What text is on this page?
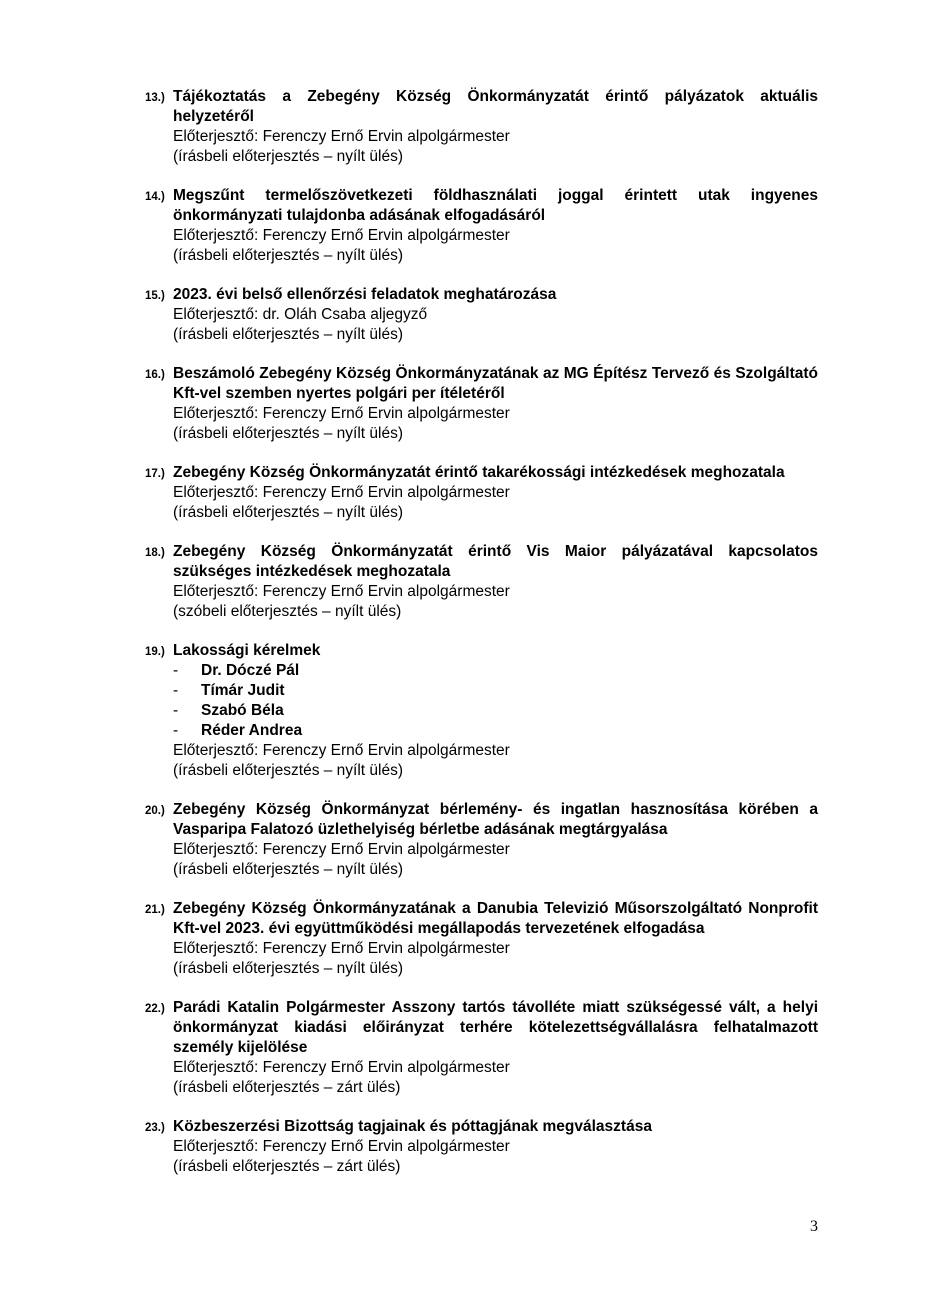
13.) Tájékoztatás a Zebegény Község Önkormányzatát érintő pályázatok aktuális helyzetéről
Előterjesztő: Ferenczy Ernő Ervin alpolgármester
(írásbeli előterjesztés – nyílt ülés)
14.) Megszűnt termelőszövetkezeti földhasználati joggal érintett utak ingyenes önkormányzati tulajdonba adásának elfogadásáról
Előterjesztő: Ferenczy Ernő Ervin alpolgármester
(írásbeli előterjesztés – nyílt ülés)
15.) 2023. évi belső ellenőrzési feladatok meghatározása
Előterjesztő: dr. Oláh Csaba aljegyző
(írásbeli előterjesztés – nyílt ülés)
16.) Beszámoló Zebegény Község Önkormányzatának az MG Építész Tervező és Szolgáltató Kft-vel szemben nyertes polgári per ítéletéről
Előterjesztő: Ferenczy Ernő Ervin alpolgármester
(írásbeli előterjesztés – nyílt ülés)
17.) Zebegény Község Önkormányzatát érintő takarékossági intézkedések meghozatala
Előterjesztő: Ferenczy Ernő Ervin alpolgármester
(írásbeli előterjesztés – nyílt ülés)
18.) Zebegény Község Önkormányzatát érintő Vis Maior pályázatával kapcsolatos szükséges intézkedések meghozatala
Előterjesztő: Ferenczy Ernő Ervin alpolgármester
(szóbeli előterjesztés – nyílt ülés)
19.) Lakossági kérelmek
- Dr. Dóczé Pál
- Tímár Judit
- Szabó Béla
- Réder Andrea
Előterjesztő: Ferenczy Ernő Ervin alpolgármester
(írásbeli előterjesztés – nyílt ülés)
20.) Zebegény Község Önkormányzat bérlemény- és ingatlan hasznosítása körében a Vasparipa Falatozó üzlethelyiség bérletbe adásának megtárgyalása
Előterjesztő: Ferenczy Ernő Ervin alpolgármester
(írásbeli előterjesztés – nyílt ülés)
21.) Zebegény Község Önkormányzatának a Danubia Televizió Műsorszolgáltató Nonprofit Kft-vel 2023. évi együttműködési megállapodás tervezetének elfogadása
Előterjesztő: Ferenczy Ernő Ervin alpolgármester
(írásbeli előterjesztés – nyílt ülés)
22.) Parádi Katalin Polgármester Asszony tartós távolléte miatt szükségessé vált, a helyi önkormányzat kiadási előirányzat terhére kötelezettségvállalásra felhatalmazott személy kijelölése
Előterjesztő: Ferenczy Ernő Ervin alpolgármester
(írásbeli előterjesztés – zárt ülés)
23.) Közbeszerzési Bizottság tagjainak és póttagjának megválasztása
Előterjesztő: Ferenczy Ernő Ervin alpolgármester
(írásbeli előterjesztés – zárt ülés)
3
